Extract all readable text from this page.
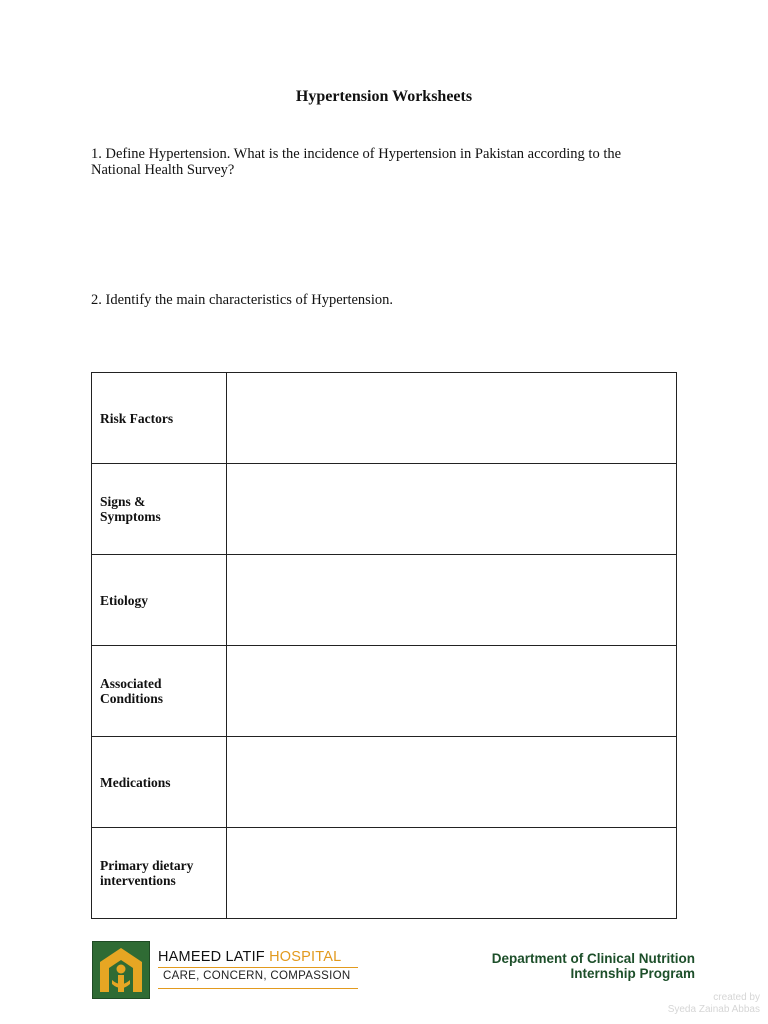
Hypertension Worksheets
1. Define Hypertension. What is the incidence of Hypertension in Pakistan according to the
National Health Survey?
2. Identify the main characteristics of Hypertension.
Risk Factors	

Signs &
Symptoms	

Etiology	

Associated
Conditions	

Medications	

Primary dietary
interventions	

HAMEED LATIF HOSPITAL
CARE, CONCERN, COMPASSION
Department of Clinical Nutrition
Internship Program
created by
Syeda Zainab Abbas
